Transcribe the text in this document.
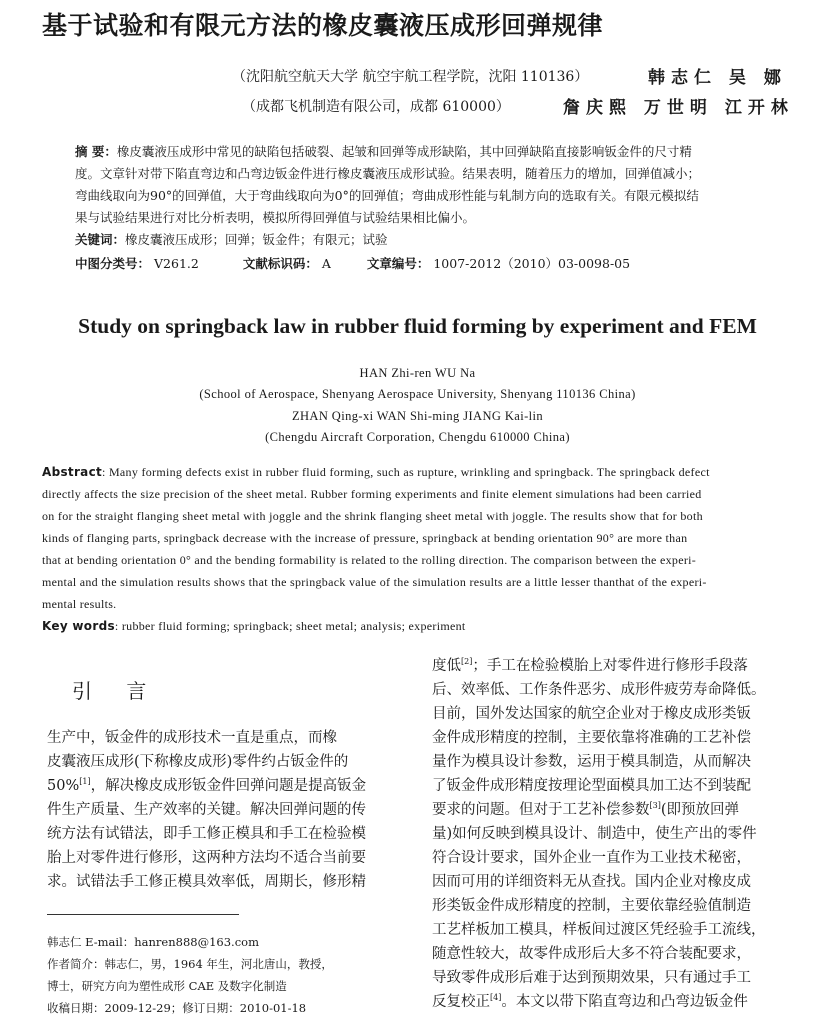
基于试验和有限元方法的橡皮囊液压成形回弹规律
（沈阳航空航天大学 航空宇航工程学院，沈阳 110136）	韩志仁 吴 娜
（成都飞机制造有限公司，成都 610000）	詹庆熙 万世明 江开林
摘 要：橡皮囊液压成形中常见的缺陷包括破裂、起皱和回弹等成形缺陷，其中回弹缺陷直接影响钣金件的尺寸精
度。文章针对带下陷直弯边和凸弯边钣金件进行橡皮囊液压成形试验。结果表明，随着压力的增加，回弹值减小；
弯曲线取向为90°的回弹值，大于弯曲线取向为0°的回弹值；弯曲成形性能与轧制方向的选取有关。有限元模拟结
果与试验结果进行对比分析表明，模拟所得回弹值与试验结果相比偏小。
关键词：橡皮囊液压成形；回弹；钣金件；有限元；试验
中图分类号： V261.2	文献标识码： A	文章编号： 1007-2012（2010）03-0098-05
Study on springback law in rubber fluid forming by experiment and FEM
HAN Zhi-ren WU Na
(School of Aerospace, Shenyang Aerospace University, Shenyang 110136 China)
ZHAN Qing-xi WAN Shi-ming JIANG Kai-lin
(Chengdu Aircraft Corporation, Chengdu 610000 China)
Abstract: Many forming defects exist in rubber fluid forming, such as rupture, wrinkling and springback. The springback defect
directly affects the size precision of the sheet metal. Rubber forming experiments and finite element simulations had been carried
on for the straight flanging sheet metal with joggle and the shrink flanging sheet metal with joggle. The results show that for both
kinds of flanging parts, springback decrease with the increase of pressure, springback at bending orientation 90° are more than
that at bending orientation 0° and the bending formability is related to the rolling direction. The comparison between the experi-
mental and the simulation results shows that the springback value of the simulation results are a little lesser thanthat of the experi-
mental results.
Key words: rubber fluid forming; springback; sheet metal; analysis; experiment
引 言
生产中，钣金件的成形技术一直是重点，而橡
皮囊液压成形(下称橡皮成形)零件约占钣金件的
50%[1]，解决橡皮成形钣金件回弹问题是提高钣金
件生产质量、生产效率的关键。解决回弹问题的传
统方法有试错法，即手工修正模具和手工在检验模
胎上对零件进行修形，这两种方法均不适合当前要
求。试错法手工修正模具效率低，周期长，修形精
度低[2]；手工在检验模胎上对零件进行修形手段落
后、效率低、工作条件恶劣、成形件疲劳寿命降低。
目前，国外发达国家的航空企业对于橡皮成形类钣
金件成形精度的控制，主要依靠将准确的工艺补偿
量作为模具设计参数，运用于模具制造，从而解决
了钣金件成形精度按理论型面模具加工达不到装配
要求的问题。但对于工艺补偿参数[3](即预放回弹
量)如何反映到模具设计、制造中，使生产出的零件
符合设计要求，国外企业一直作为工业技术秘密，
因而可用的详细资料无从查找。国内企业对橡皮成
形类钣金件成形精度的控制，主要依靠经验值制造
工艺样板加工模具，样板间过渡区凭经验手工流线，
随意性较大，故零件成形后大多不符合装配要求，
导致零件成形后难于达到预期效果，只有通过手工
反复校正[4]。本文以带下陷直弯边和凸弯边钣金件
韩志仁 E-mail：hanren888@163.com
作者简介：韩志仁，男，1964 年生，河北唐山，教授，
博士，研究方向为塑性成形 CAE 及数字化制造
收稿日期：2009-12-29；修订日期：2010-01-18
